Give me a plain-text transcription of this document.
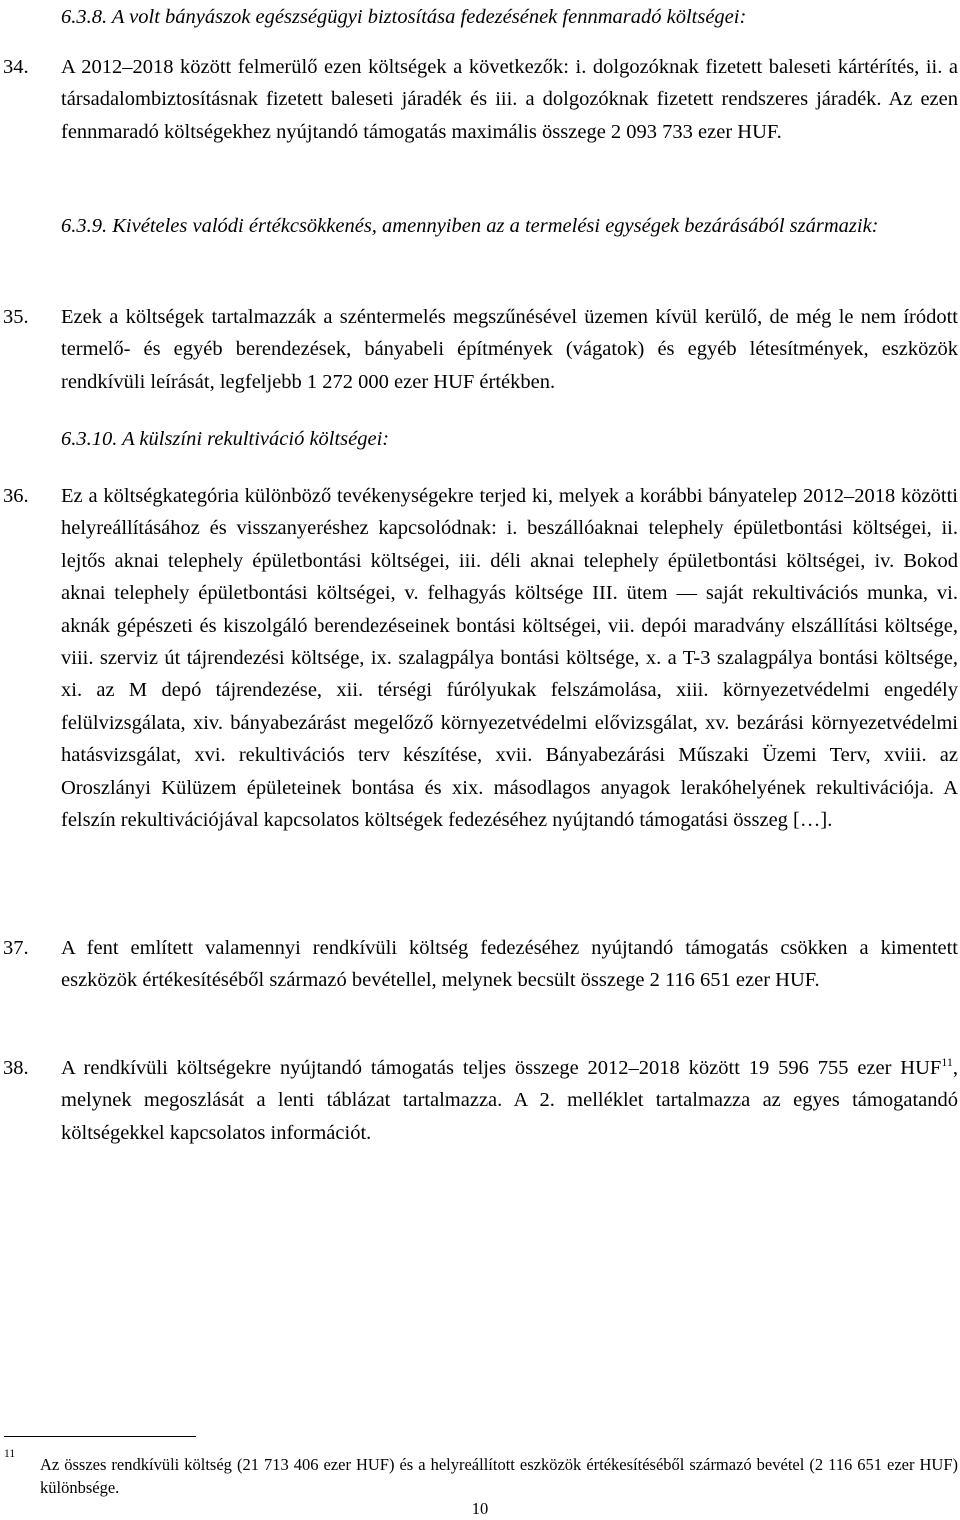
6.3.8. A volt bányászok egészségügyi biztosítása fedezésének fennmaradó költségei:
34.	A 2012–2018 között felmerülő ezen költségek a következők: i. dolgozóknak fizetett baleseti kártérítés, ii. a társadalombiztosításnak fizetett baleseti járadék és iii. a dolgozóknak fizetett rendszeres járadék. Az ezen fennmaradó költségekhez nyújtandó támogatás maximális összege 2 093 733 ezer HUF.
6.3.9. Kivételes valódi értékcsökkenés, amennyiben az a termelési egységek bezárásából származik:
35.	Ezek a költségek tartalmazzák a széntermelés megszűnésével üzemen kívül kerülő, de még le nem íródott termelő- és egyéb berendezések, bányabeli építmények (vágatok) és egyéb létesítmények, eszközök rendkívüli leírását, legfeljebb 1 272 000 ezer HUF értékben.
6.3.10. A külszíni rekultiváció költségei:
36.	Ez a költségkategória különböző tevékenységekre terjed ki, melyek a korábbi bányatelep 2012–2018 közötti helyreállításához és visszanyeréshez kapcsolódnak: i. beszállóaknai telephely épületbontási költségei, ii. lejtős aknai telephely épületbontási költségei, iii. déli aknai telephely épületbontási költségei, iv. Bokod aknai telephely épületbontási költségei, v. felhagyás költsége III. ütem — saját rekultivációs munka, vi. aknák gépészeti és kiszolgáló berendezéseinek bontási költségei, vii. depói maradvány elszállítási költsége, viii. szerviz út tájrendezési költsége, ix. szalagpálya bontási költsége, x. a T-3 szalagpálya bontási költsége, xi. az M depó tájrendezése, xii. térségi fúrólyukak felszámolása, xiii. környezetvédelmi engedély felülvizsgálata, xiv. bányabezárást megelőző környezetvédelmi elővizsgálat, xv. bezárási környezetvédelmi hatásvizsgálat, xvi. rekultivációs terv készítése, xvii. Bányabezárási Műszaki Üzemi Terv, xviii. az Oroszlányi Külüzem épületeinek bontása és xix. másodlagos anyagok lerakóhelyének rekultivációja. A felszín rekultivációjával kapcsolatos költségek fedezéséhez nyújtandó támogatási összeg […].
37.	A fent említett valamennyi rendkívüli költség fedezéséhez nyújtandó támogatás csökken a kimentett eszközök értékesítéséből származó bevétellel, melynek becsült összege 2 116 651 ezer HUF.
38.	A rendkívüli költségekre nyújtandó támogatás teljes összege 2012–2018 között 19 596 755 ezer HUF$^{11}$, melynek megoszlását a lenti táblázat tartalmazza. A 2. melléklet tartalmazza az egyes támogatandó költségekkel kapcsolatos információt.
11

Az összes rendkívüli költség (21 713 406 ezer HUF) és a helyreállított eszközök értékesítéséből származó bevétel (2 116 651 ezer HUF) különbsége.

10
